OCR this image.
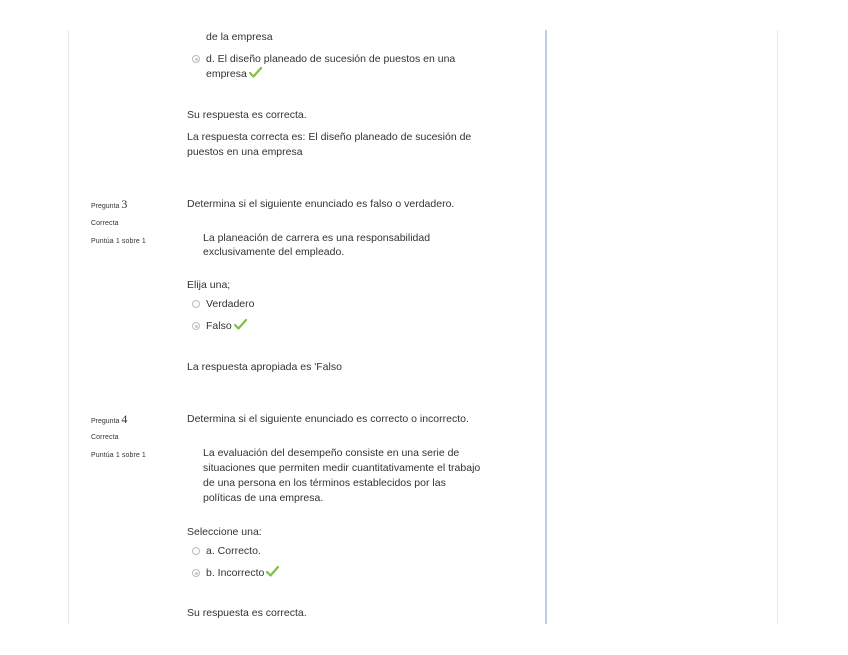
de la empresa
d. El diseño planeado de sucesión de puestos en una
empresa
Su respuesta es correcta.
La respuesta correcta es: El diseño planeado de sucesión de
puestos en una empresa
Pregunta 3
Correcta
Puntúa 1 sobre 1
Determina si el siguiente enunciado es falso o verdadero.
La planeación de carrera es una responsabilidad
exclusivamente del empleado.
Elija una;
Verdadero
Falso
La respuesta apropiada es 'Falso
Pregunta 4
Correcta
Puntúa 1 sobre 1
Determina si el siguiente enunciado es correcto o incorrecto.
La evaluación del desempeño consiste en una serie de
situaciones que permiten medir cuantitativamente el trabajo
de una persona en los términos establecidos por las
políticas de una empresa.
Seleccione una:
a. Correcto.
b. Incorrecto
Su respuesta es correcta.
